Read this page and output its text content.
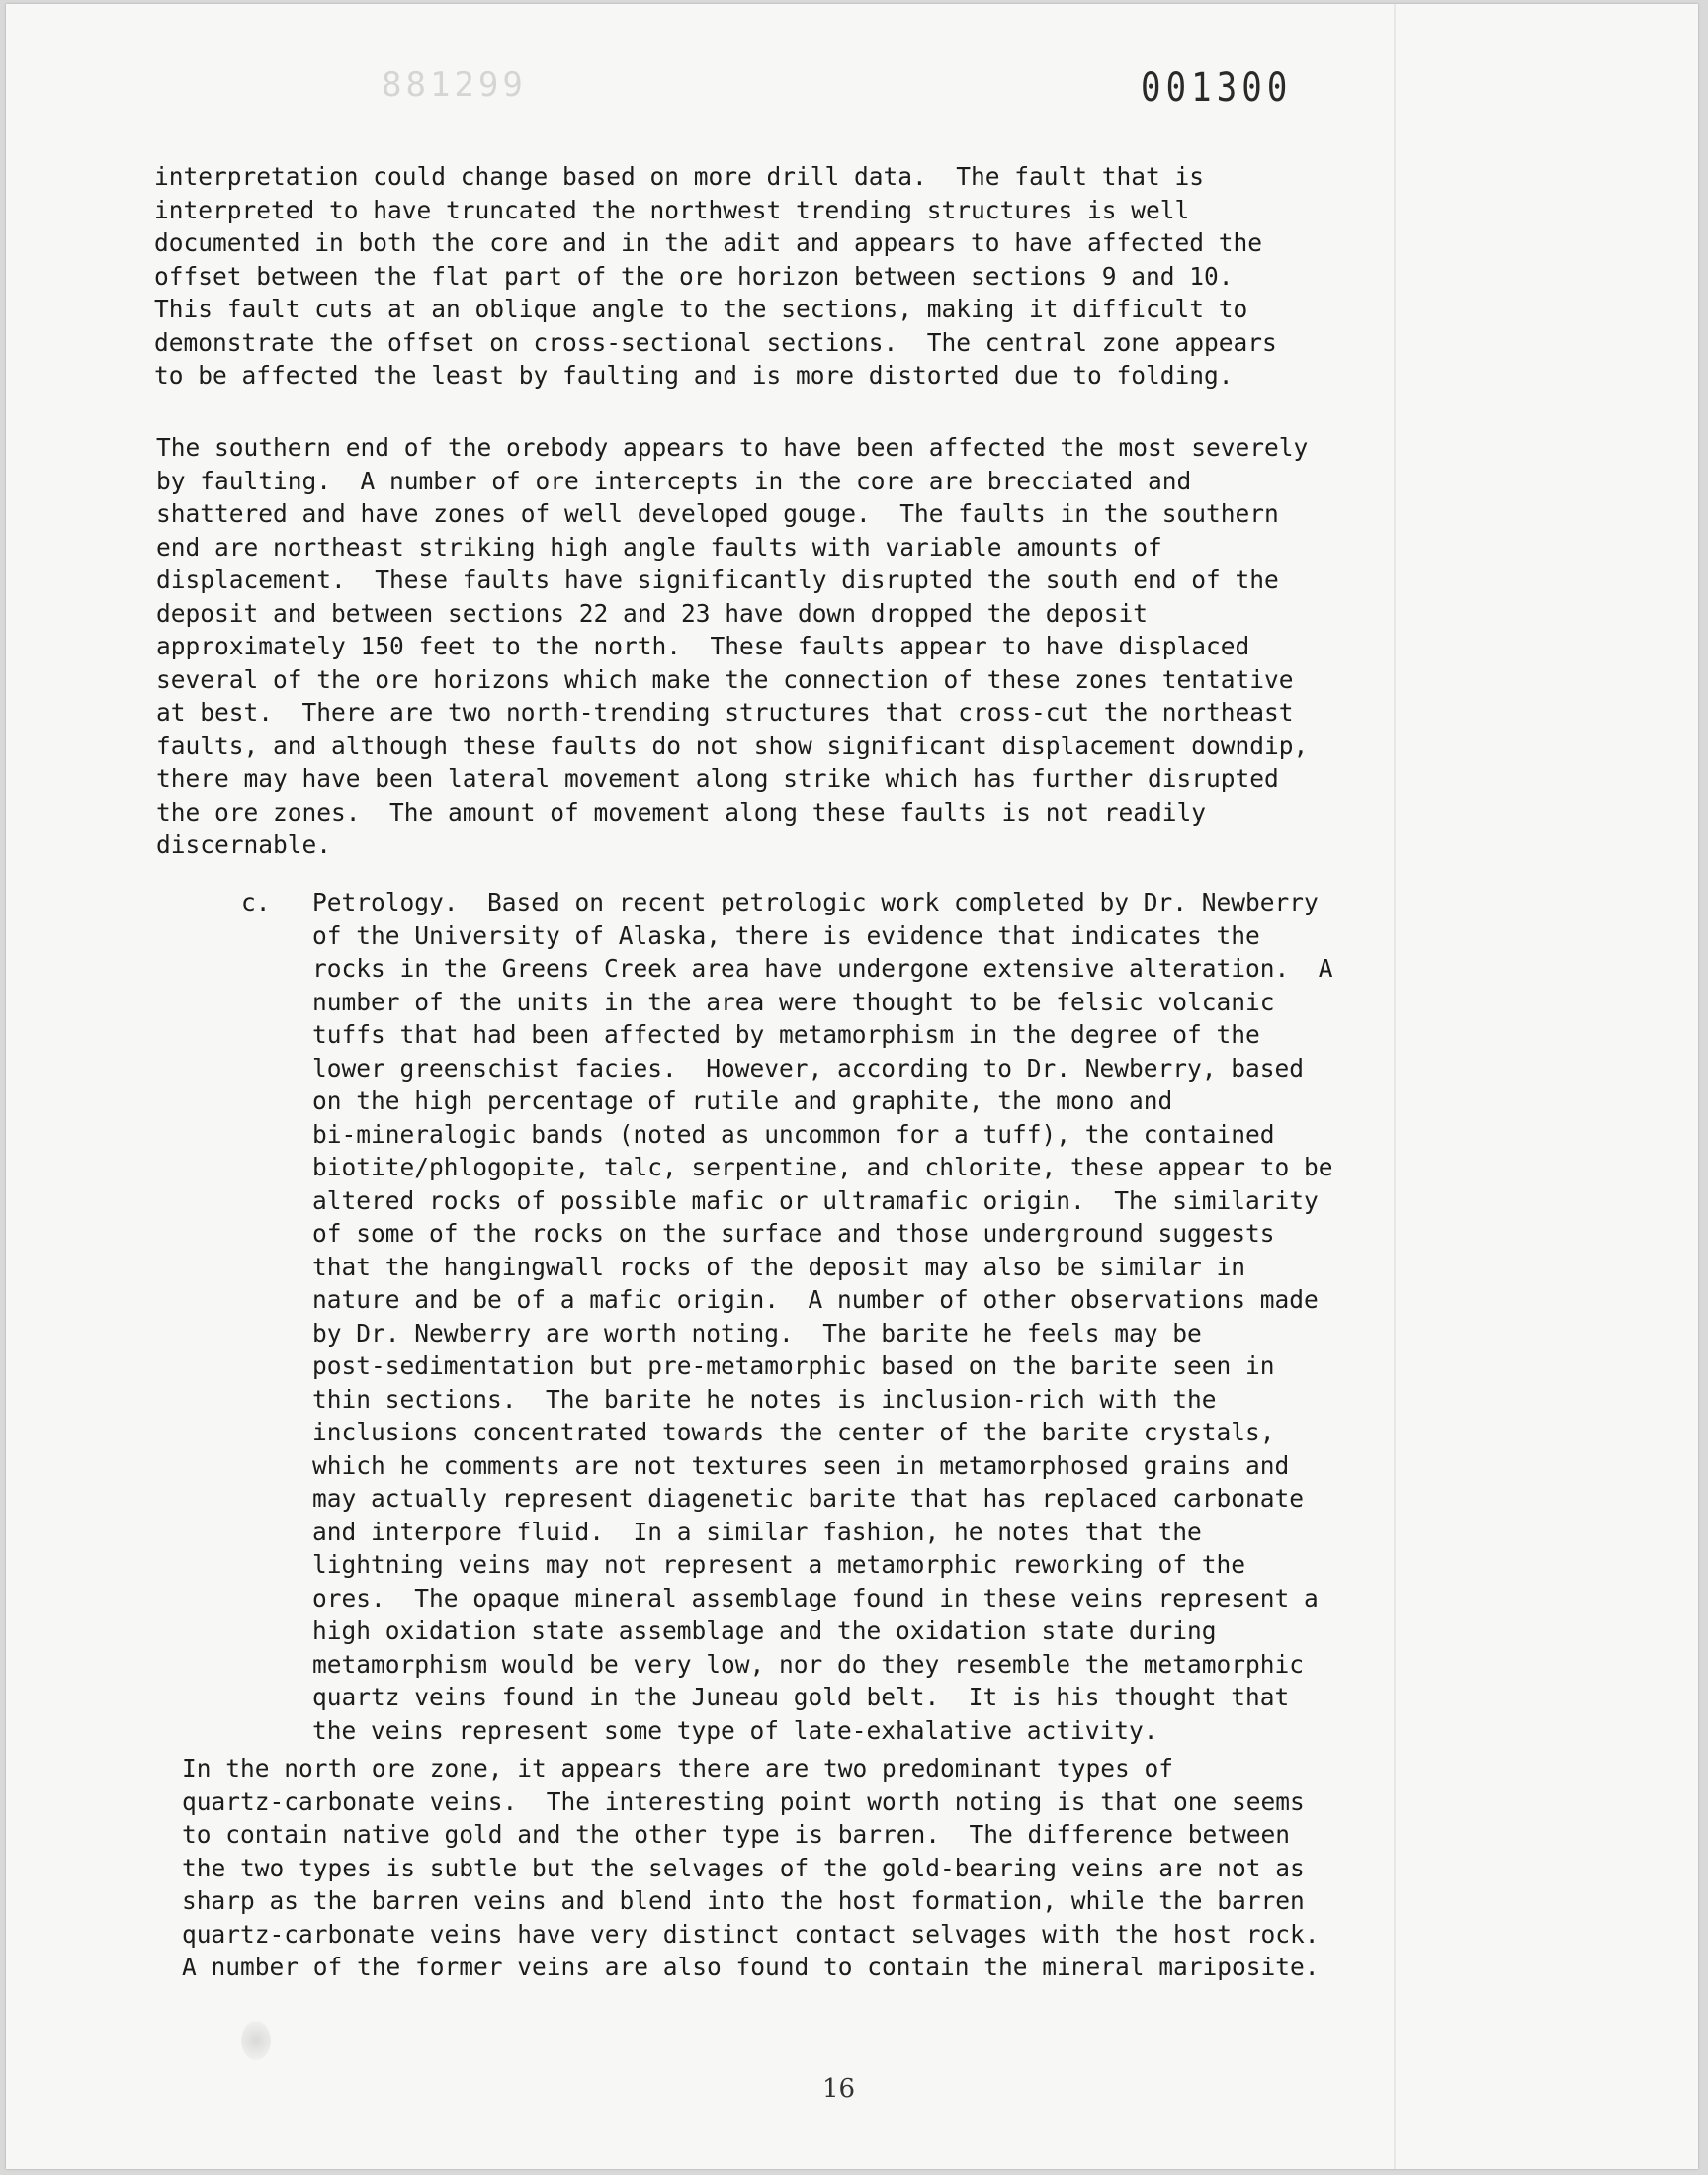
881299	001300

interpretation could change based on more drill data.  The fault that is
interpreted to have truncated the northwest trending structures is well
documented in both the core and in the adit and appears to have affected the
offset between the flat part of the ore horizon between sections 9 and 10.
This fault cuts at an oblique angle to the sections, making it difficult to
demonstrate the offset on cross-sectional sections.  The central zone appears
to be affected the least by faulting and is more distorted due to folding.

The southern end of the orebody appears to have been affected the most severely
by faulting.  A number of ore intercepts in the core are brecciated and
shattered and have zones of well developed gouge.  The faults in the southern
end are northeast striking high angle faults with variable amounts of
displacement.  These faults have significantly disrupted the south end of the
deposit and between sections 22 and 23 have down dropped the deposit
approximately 150 feet to the north.  These faults appear to have displaced
several of the ore horizons which make the connection of these zones tentative
at best.  There are two north-trending structures that cross-cut the northeast
faults, and although these faults do not show significant displacement downdip,
there may have been lateral movement along strike which has further disrupted
the ore zones.  The amount of movement along these faults is not readily
discernable.

c. Petrology.  Based on recent petrologic work completed by Dr. Newberry
of the University of Alaska, there is evidence that indicates the
rocks in the Greens Creek area have undergone extensive alteration.  A
number of the units in the area were thought to be felsic volcanic
tuffs that had been affected by metamorphism in the degree of the
lower greenschist facies.  However, according to Dr. Newberry, based
on the high percentage of rutile and graphite, the mono and
bi-mineralogic bands (noted as uncommon for a tuff), the contained
biotite/phlogopite, talc, serpentine, and chlorite, these appear to be
altered rocks of possible mafic or ultramafic origin.  The similarity
of some of the rocks on the surface and those underground suggests
that the hangingwall rocks of the deposit may also be similar in
nature and be of a mafic origin.  A number of other observations made
by Dr. Newberry are worth noting.  The barite he feels may be
post-sedimentation but pre-metamorphic based on the barite seen in
thin sections.  The barite he notes is inclusion-rich with the
inclusions concentrated towards the center of the barite crystals,
which he comments are not textures seen in metamorphosed grains and
may actually represent diagenetic barite that has replaced carbonate
and interpore fluid.  In a similar fashion, he notes that the
lightning veins may not represent a metamorphic reworking of the
ores.  The opaque mineral assemblage found in these veins represent a
high oxidation state assemblage and the oxidation state during
metamorphism would be very low, nor do they resemble the metamorphic
quartz veins found in the Juneau gold belt.  It is his thought that
the veins represent some type of late-exhalative activity.

In the north ore zone, it appears there are two predominant types of
quartz-carbonate veins.  The interesting point worth noting is that one seems
to contain native gold and the other type is barren.  The difference between
the two types is subtle but the selvages of the gold-bearing veins are not as
sharp as the barren veins and blend into the host formation, while the barren
quartz-carbonate veins have very distinct contact selvages with the host rock.
A number of the former veins are also found to contain the mineral mariposite.

16
